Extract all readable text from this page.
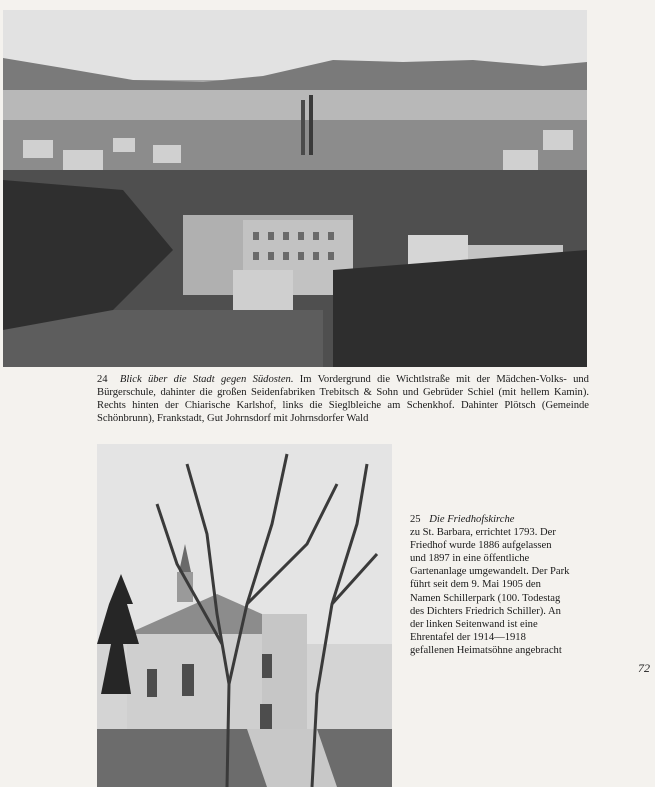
24 Blick über die Stadt gegen Südosten. Im Vordergrund die Wichtlstraße mit der Mädchen-Volks- und Bürgerschule, dahinter die großen Seidenfabriken Trebitsch & Sohn und Gebrüder Schiel (mit hellem Kamin). Rechts hinten der Chiarische Karlshof, links die Sieglbleiche am Schenkhof. Dahinter Plötsch (Gemeinde Schönbrunn), Frankstadt, Gut Johrnsdorf mit Johrnsdorfer Wald
25 Die Friedhofskirche
zu St. Barbara, errichtet 1793. Der Friedhof wurde 1886 aufgelassen und 1897 in eine öffentliche Gartenanlage umgewandelt. Der Park führt seit dem 9. Mai 1905 den Namen Schillerpark (100. Todestag des Dichters Friedrich Schiller). An der linken Seitenwand ist eine Ehrentafel der 1914—1918 gefallenen Heimatsöhne angebracht
72
